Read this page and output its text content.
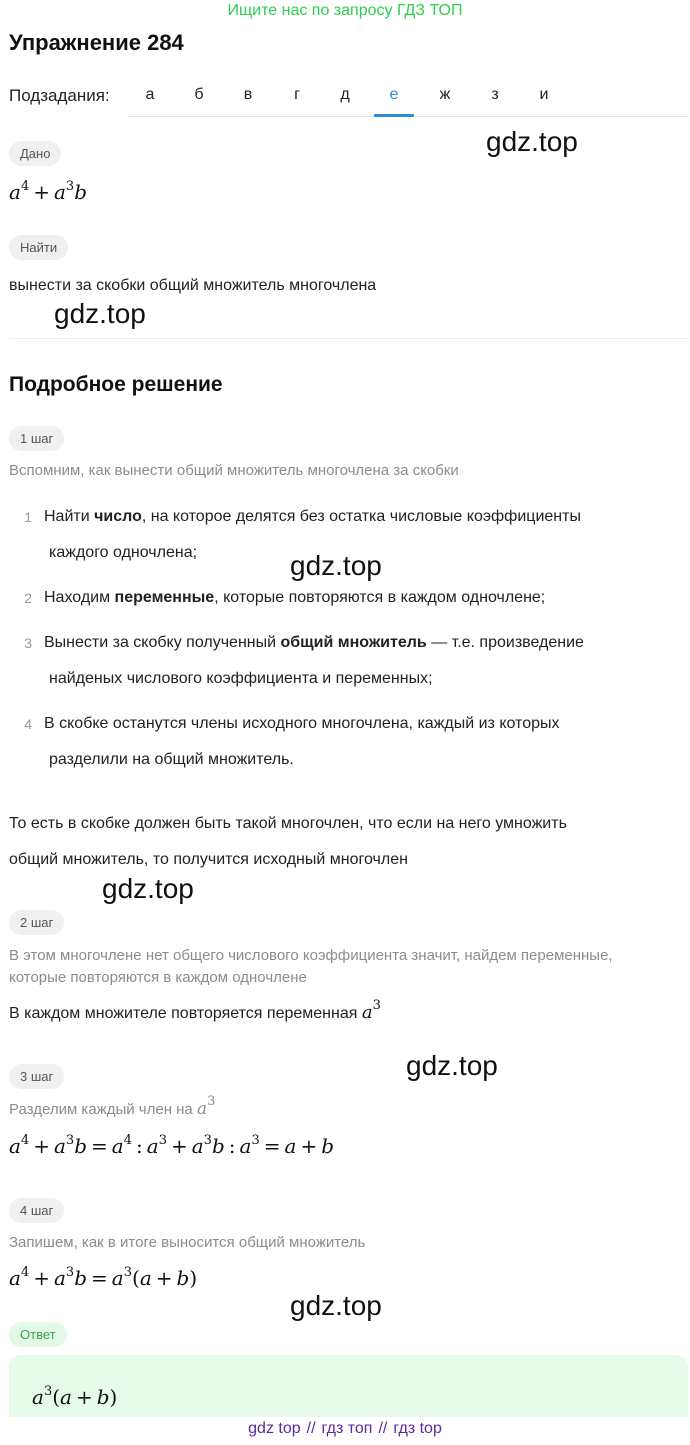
Ищите нас по запросу ГДЗ ТОП
Упражнение 284
Подзадания:	а	б	в	г	д	е	ж	з	и
Дано
$a^4 + a^3b$
Найти
вынести за скобки общий множитель многочлена
Подробное решение
1 шаг
Вспомним, как вынести общий множитель многочлена за скобки
1 Найти число, на которое делятся без остатка числовые коэффициенты
каждого одночлена;
2 Находим переменные, которые повторяются в каждом одночлене;
3 Вынести за скобку полученный общий множитель — т.е. произведение
найденых числового коэффициента и переменных;
4 В скобке останутся члены исходного многочлена, каждый из которых
разделили на общий множитель.
То есть в скобке должен быть такой многочлен, что если на него умножить
общий множитель, то получится исходный многочлен
2 шаг
В этом многочлене нет общего числового коэффициента значит, найдем переменные,
которые повторяются в каждом одночлене
В каждом множителе повторяется переменная $a^3$
3 шаг
Разделим каждый член на $a^3$
$a^4 + a^3b = a^4$ : $a^3 + a^3b$ : $a^3 = a + b$
4 шаг
Запишем, как в итоге выносится общий множитель
$a^4 + a^3b = a^3(a + b)$
Ответ
$a^3(a + b)$
gdz.top
gdz.top
gdz.top
gdz.top
gdz.top
gdz.top
gdz top // гдз топ // гдз top
